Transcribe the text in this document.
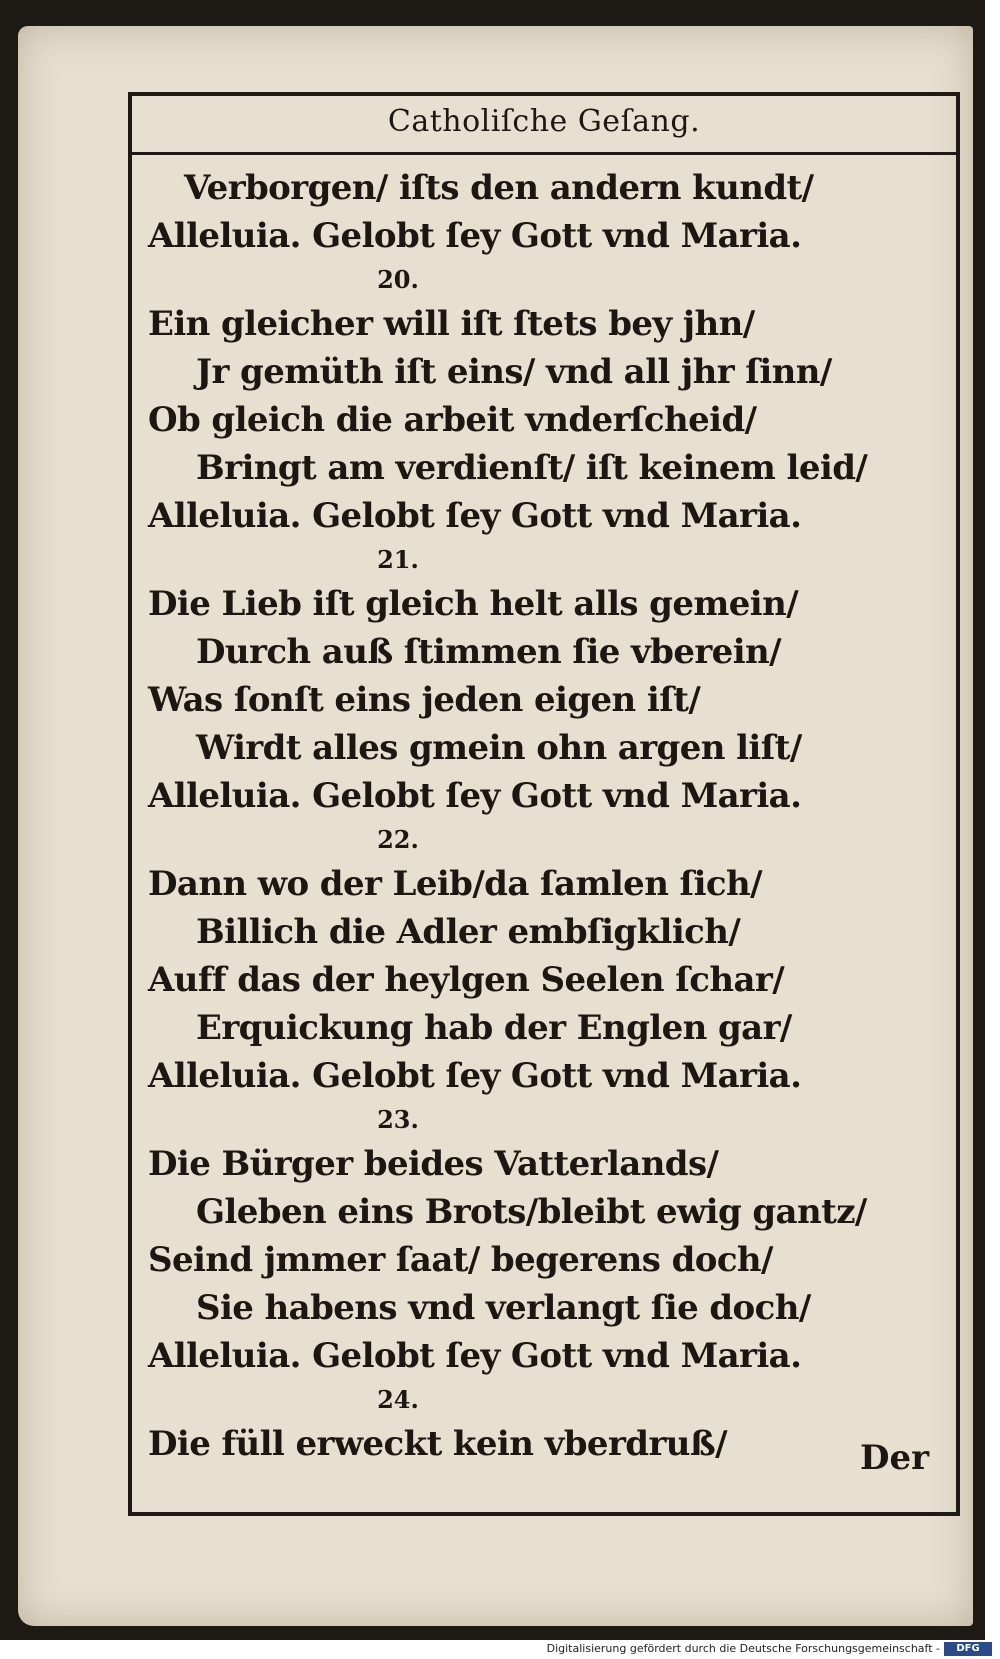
Catholiſche Geſang.
Verborgen/ iſts den andern kundt/
Alleluia. Gelobt ſey Gott vnd Maria.
20.
Ein gleicher will iſt ſtets bey jhn/
Jr gemüth iſt eins/ vnd all jhr ſinn/
Ob gleich die arbeit vnderſcheid/
Bringt am verdienſt/ iſt keinem leid/
Alleluia. Gelobt ſey Gott vnd Maria.
21.
Die Lieb iſt gleich helt alls gemein/
Durch auß ſtimmen ſie vberein/
Was ſonſt eins jeden eigen iſt/
Wirdt alles gmein ohn argen liſt/
Alleluia. Gelobt ſey Gott vnd Maria.
22.
Dann wo der Leib/da ſamlen ſich/
Billich die Adler embſigklich/
Auff das der heylgen Seelen ſchar/
Erquickung hab der Englen gar/
Alleluia. Gelobt ſey Gott vnd Maria.
23.
Die Bürger beides Vatterlands/
Gleben eins Brots/bleibt ewig gantz/
Seind jmmer ſaat/ begerens doch/
Sie habens vnd verlangt ſie doch/
Alleluia. Gelobt ſey Gott vnd Maria.
24.
Die füll erweckt kein vberdruß/	Der
Digitalisierung gefördert durch die Deutsche Forschungsgemeinschaft -	DFG
